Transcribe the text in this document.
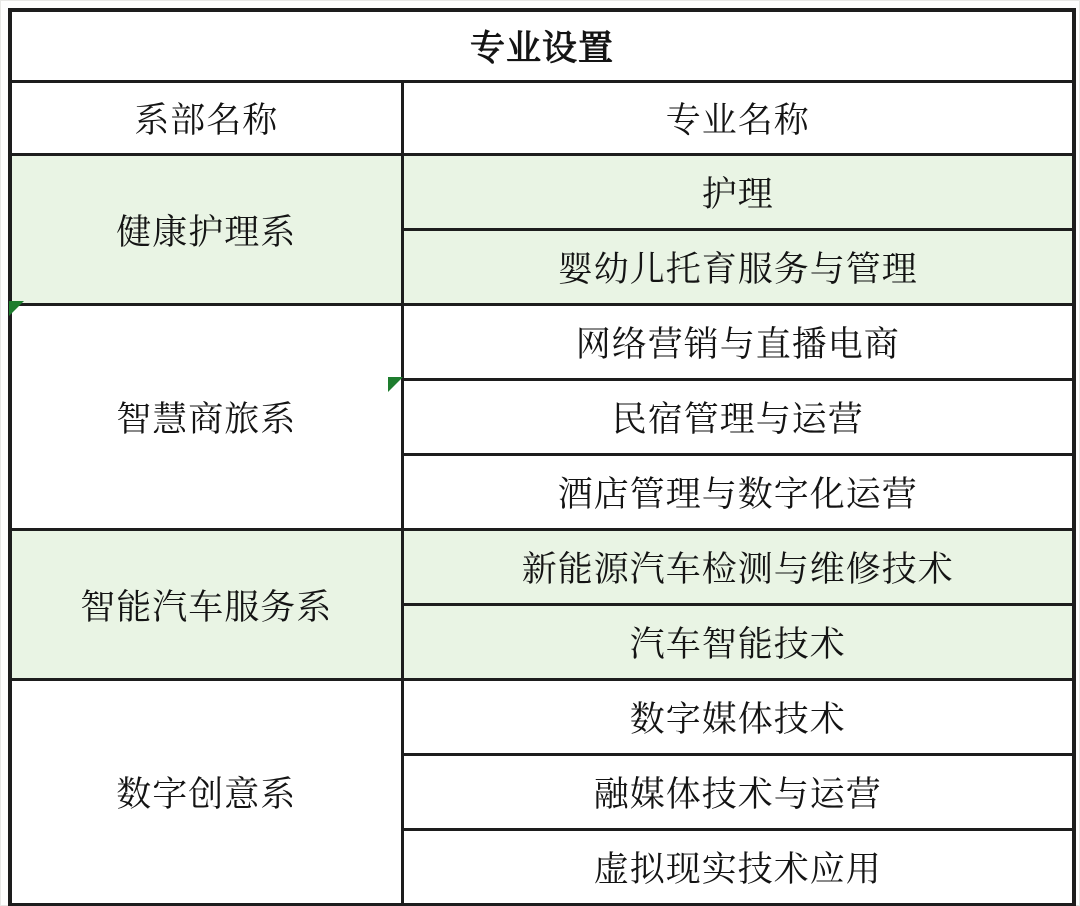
专业设置	
系部名称	专业名称
健康护理系	护理
	婴幼儿托育服务与管理
智慧商旅系	网络营销与直播电商
	民宿管理与运营
	酒店管理与数字化运营
智能汽车服务系	新能源汽车检测与维修技术
	汽车智能技术
数字创意系	数字媒体技术
	融媒体技术与运营
	虚拟现实技术应用
